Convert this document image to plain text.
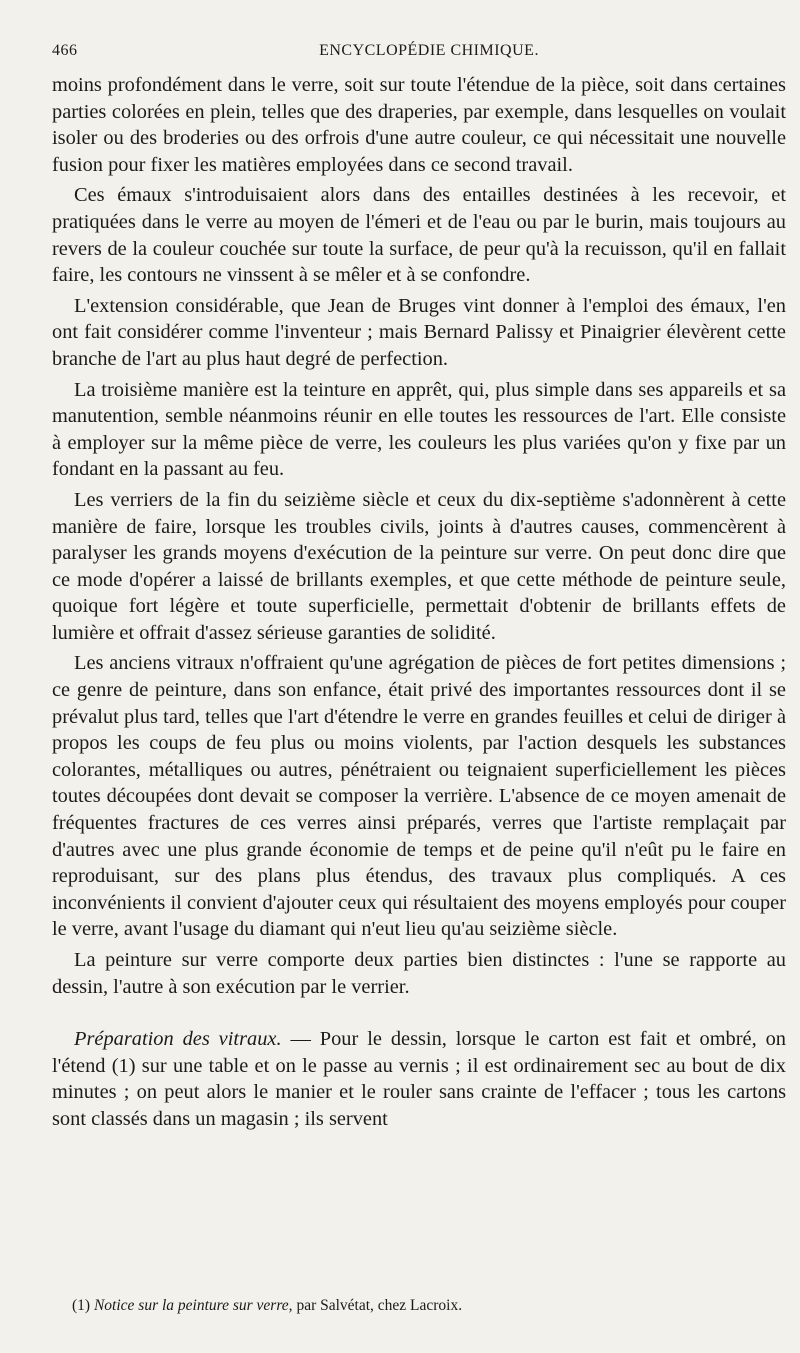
466	ENCYCLOPÉDIE CHIMIQUE.

moins profondément dans le verre, soit sur toute l'étendue de la pièce, soit dans certaines parties colorées en plein, telles que des draperies, par exemple, dans lesquelles on voulait isoler ou des broderies ou des orfrois d'une autre couleur, ce qui nécessitait une nouvelle fusion pour fixer les matières employées dans ce second travail.

Ces émaux s'introduisaient alors dans des entailles destinées à les recevoir, et pratiquées dans le verre au moyen de l'émeri et de l'eau ou par le burin, mais toujours au revers de la couleur couchée sur toute la surface, de peur qu'à la recuisson, qu'il en fallait faire, les contours ne vinssent à se mêler et à se confondre.

L'extension considérable, que Jean de Bruges vint donner à l'emploi des émaux, l'en ont fait considérer comme l'inventeur ; mais Bernard Palissy et Pinaigrier élevèrent cette branche de l'art au plus haut degré de perfection.

La troisième manière est la teinture en apprêt, qui, plus simple dans ses appareils et sa manutention, semble néanmoins réunir en elle toutes les ressources de l'art. Elle consiste à employer sur la même pièce de verre, les couleurs les plus variées qu'on y fixe par un fondant en la passant au feu.

Les verriers de la fin du seizième siècle et ceux du dix-septième s'adonnèrent à cette manière de faire, lorsque les troubles civils, joints à d'autres causes, commencèrent à paralyser les grands moyens d'exécution de la peinture sur verre. On peut donc dire que ce mode d'opérer a laissé de brillants exemples, et que cette méthode de peinture seule, quoique fort légère et toute superficielle, permettait d'obtenir de brillants effets de lumière et offrait d'assez sérieuse garanties de solidité.

Les anciens vitraux n'offraient qu'une agrégation de pièces de fort petites dimensions ; ce genre de peinture, dans son enfance, était privé des importantes ressources dont il se prévalut plus tard, telles que l'art d'étendre le verre en grandes feuilles et celui de diriger à propos les coups de feu plus ou moins violents, par l'action desquels les substances colorantes, métalliques ou autres, pénétraient ou teignaient superficiellement les pièces toutes découpées dont devait se composer la verrière. L'absence de ce moyen amenait de fréquentes fractures de ces verres ainsi préparés, verres que l'artiste remplaçait par d'autres avec une plus grande économie de temps et de peine qu'il n'eût pu le faire en reproduisant, sur des plans plus étendus, des travaux plus compliqués. A ces inconvénients il convient d'ajouter ceux qui résultaient des moyens employés pour couper le verre, avant l'usage du diamant qui n'eut lieu qu'au seizième siècle.

La peinture sur verre comporte deux parties bien distinctes : l'une se rapporte au dessin, l'autre à son exécution par le verrier.

Préparation des vitraux. — Pour le dessin, lorsque le carton est fait et ombré, on l'étend (1) sur une table et on le passe au vernis ; il est ordinairement sec au bout de dix minutes ; on peut alors le manier et le rouler sans crainte de l'effacer ; tous les cartons sont classés dans un magasin ; ils servent

(1) Notice sur la peinture sur verre, par Salvétat, chez Lacroix.
